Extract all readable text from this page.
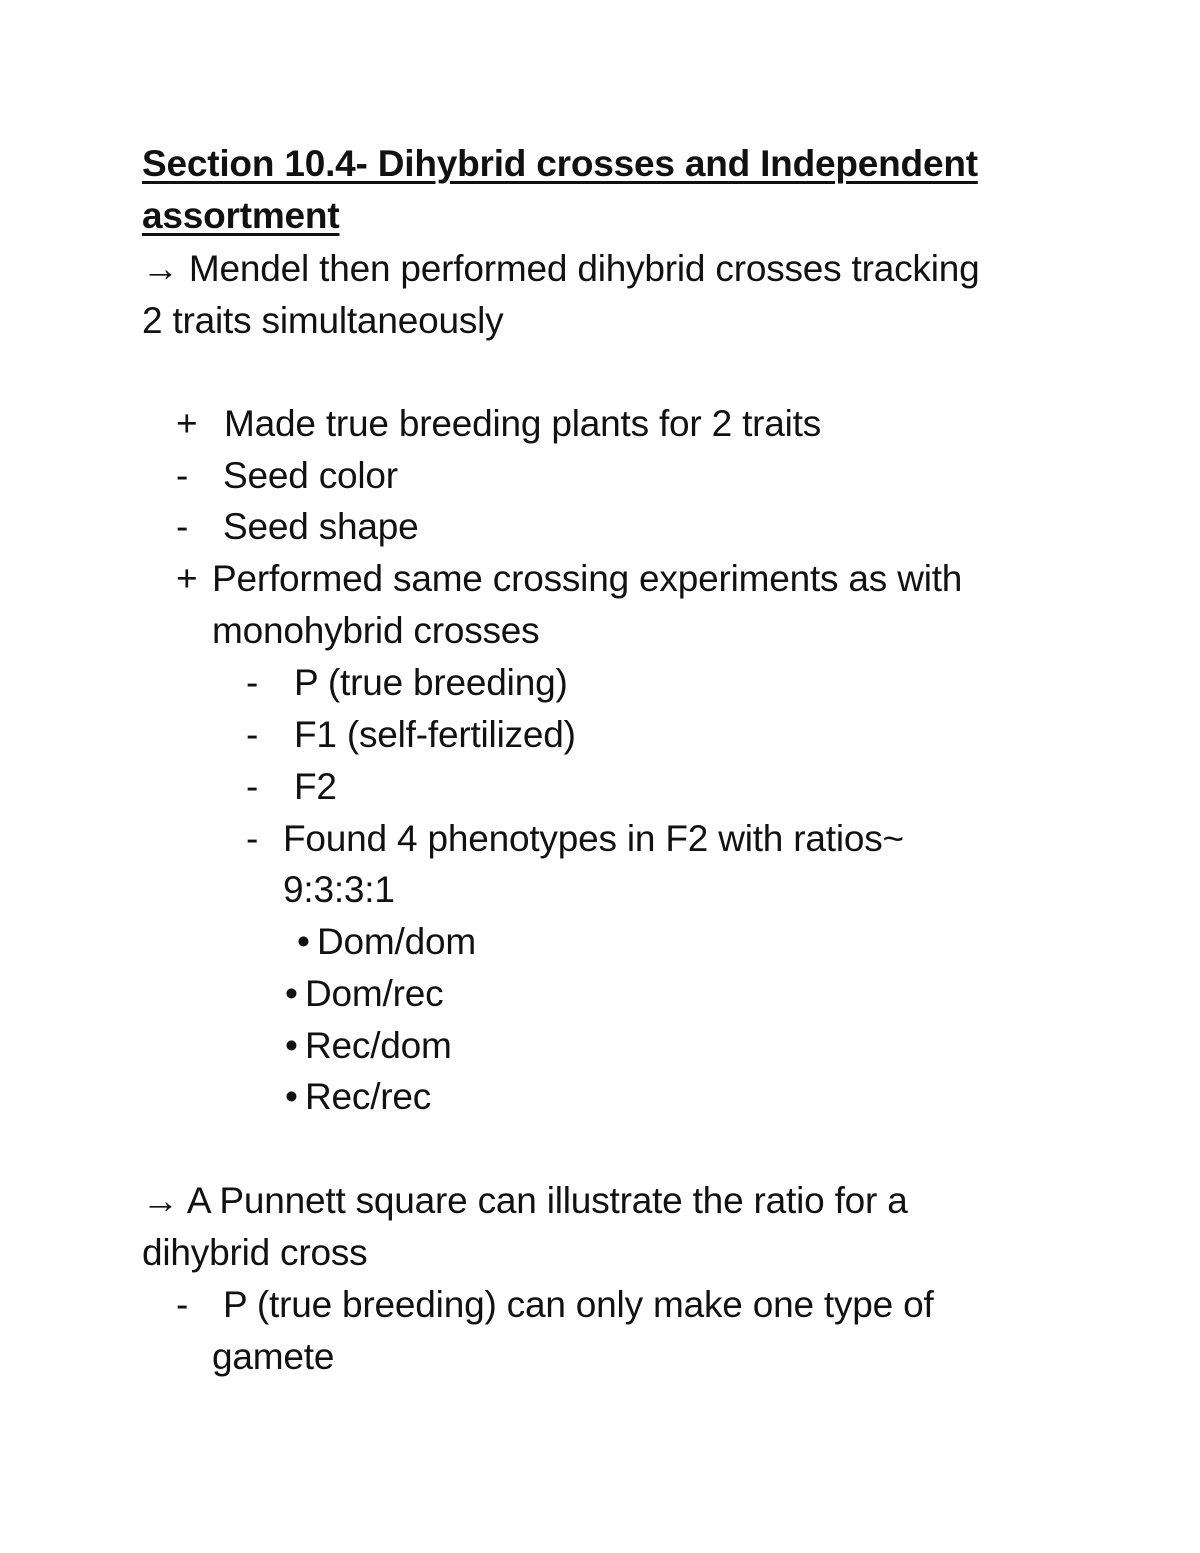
Section 10.4- Dihybrid crosses and Independent
assortment
→ Mendel then performed dihybrid crosses tracking
2 traits simultaneously
+ Made true breeding plants for 2 traits
- Seed color
- Seed shape
+ Performed same crossing experiments as with
monohybrid crosses
- P (true breeding)
- F1 (self-fertilized)
- F2
- Found 4 phenotypes in F2 with ratios~
9:3:3:1
• Dom/dom
• Dom/rec
• Rec/dom
• Rec/rec
→ A Punnett square can illustrate the ratio for a
dihybrid cross
- P (true breeding) can only make one type of
gamete
